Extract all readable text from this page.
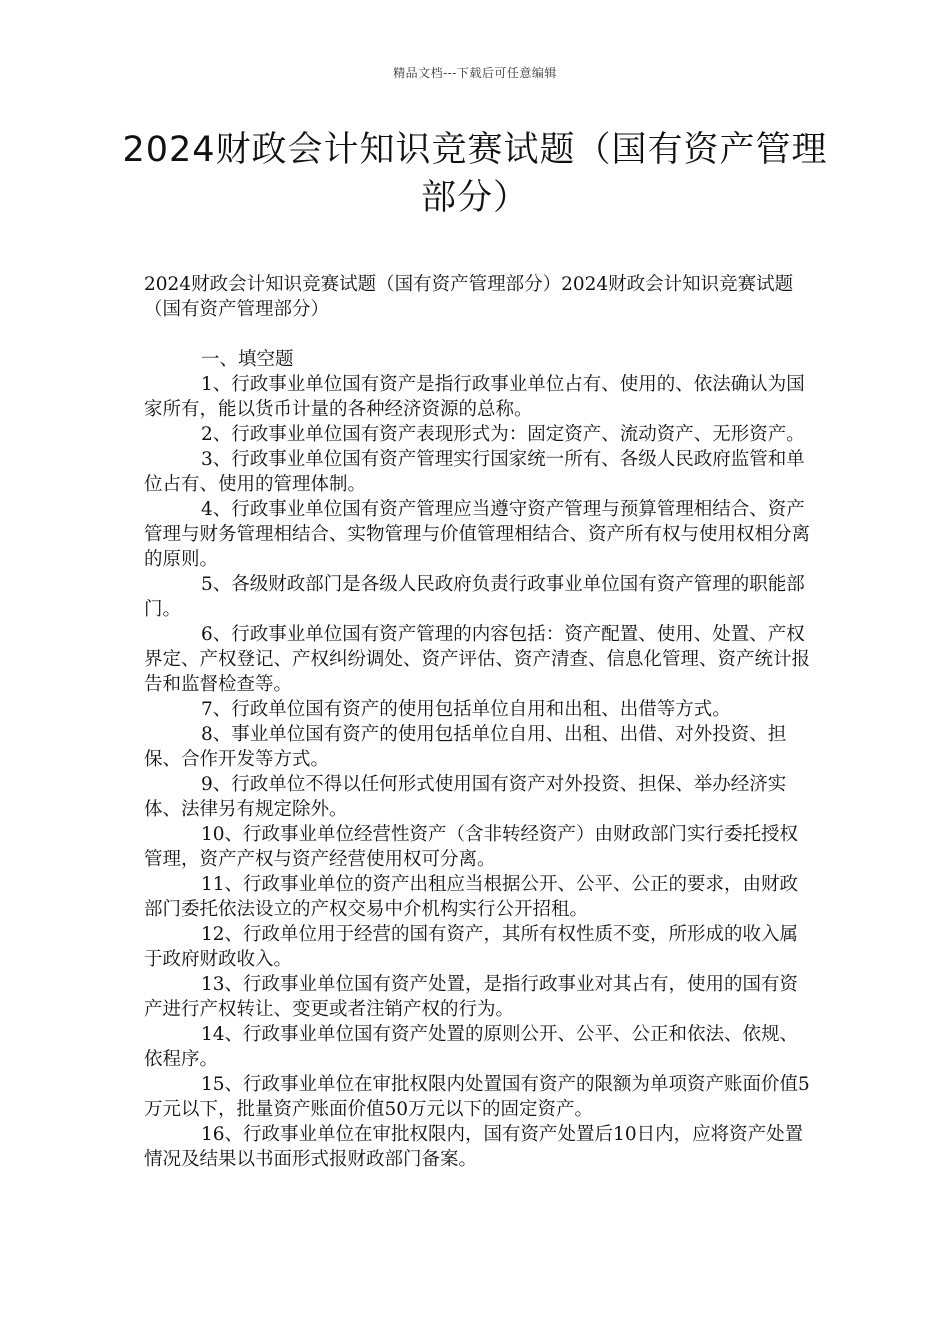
精品文档---下载后可任意编辑
2024财政会计知识竞赛试题（国有资产管理部分）

2024财政会计知识竞赛试题（国有资产管理部分）2024财政会计知识竞赛试题（国有资产管理部分）

一、填空题

1、行政事业单位国有资产是指行政事业单位占有、使用的、依法确认为国家所有，能以货币计量的各种经济资源的总称。

2、行政事业单位国有资产表现形式为：固定资产、流动资产、无形资产。

3、行政事业单位国有资产管理实行国家统一所有、各级人民政府监管和单位占有、使用的管理体制。

4、行政事业单位国有资产管理应当遵守资产管理与预算管理相结合、资产管理与财务管理相结合、实物管理与价值管理相结合、资产所有权与使用权相分离的原则。

5、各级财政部门是各级人民政府负责行政事业单位国有资产管理的职能部门。

6、行政事业单位国有资产管理的内容包括：资产配置、使用、处置、产权界定、产权登记、产权纠纷调处、资产评估、资产清查、信息化管理、资产统计报告和监督检查等。

7、行政单位国有资产的使用包括单位自用和出租、出借等方式。

8、事业单位国有资产的使用包括单位自用、出租、出借、对外投资、担保、合作开发等方式。

9、行政单位不得以任何形式使用国有资产对外投资、担保、举办经济实体、法律另有规定除外。

10、行政事业单位经营性资产（含非转经资产）由财政部门实行委托授权管理，资产产权与资产经营使用权可分离。

11、行政事业单位的资产出租应当根据公开、公平、公正的要求，由财政部门委托依法设立的产权交易中介机构实行公开招租。

12、行政单位用于经营的国有资产，其所有权性质不变，所形成的收入属于政府财政收入。

13、行政事业单位国有资产处置，是指行政事业对其占有，使用的国有资产进行产权转让、变更或者注销产权的行为。

14、行政事业单位国有资产处置的原则公开、公平、公正和依法、依规、依程序。

15、行政事业单位在审批权限内处置国有资产的限额为单项资产账面价值5万元以下，批量资产账面价值50万元以下的固定资产。

16、行政事业单位在审批权限内，国有资产处置后10日内，应将资产处置情况及结果以书面形式报财政部门备案。
